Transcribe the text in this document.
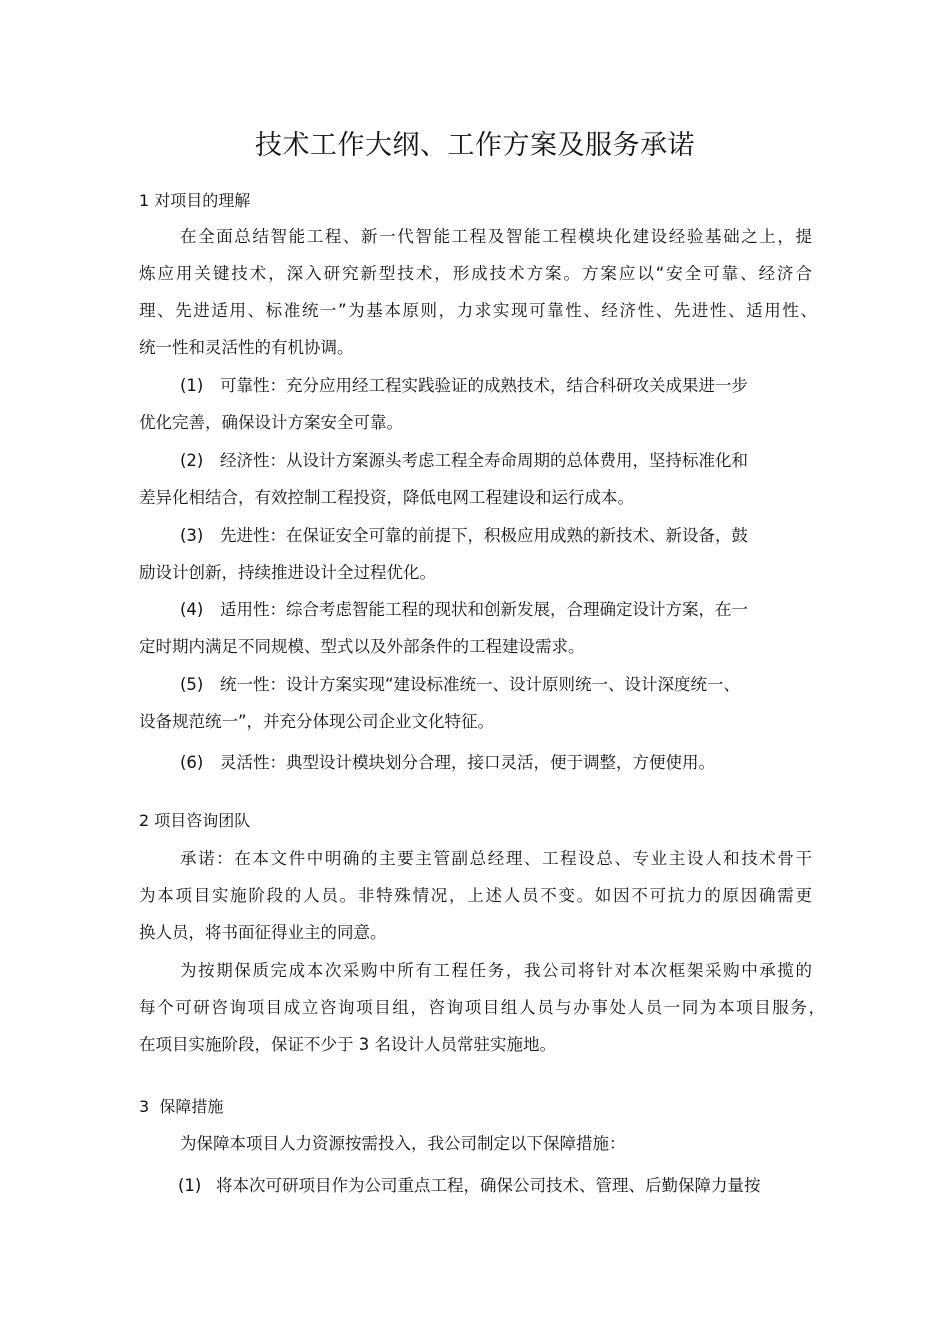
技术工作大纲、工作方案及服务承诺
1 对项目的理解
在全面总结智能工程、新一代智能工程及智能工程模块化建设经验基础之上，提
炼应用关键技术，深入研究新型技术，形成技术方案。方案应以“安全可靠、经济合
理、先进适用、标准统一”为基本原则，力求实现可靠性、经济性、先进性、适用性、
统一性和灵活性的有机协调。
(1) 可靠性：充分应用经工程实践验证的成熟技术，结合科研攻关成果进一步
优化完善，确保设计方案安全可靠。
(2) 经济性：从设计方案源头考虑工程全寿命周期的总体费用，坚持标准化和
差异化相结合，有效控制工程投资，降低电网工程建设和运行成本。
(3) 先进性：在保证安全可靠的前提下，积极应用成熟的新技术、新设备，鼓
励设计创新，持续推进设计全过程优化。
(4) 适用性：综合考虑智能工程的现状和创新发展，合理确定设计方案，在一
定时期内满足不同规模、型式以及外部条件的工程建设需求。
(5) 统一性：设计方案实现“建设标准统一、设计原则统一、设计深度统一、
设备规范统一”，并充分体现公司企业文化特征。
(6) 灵活性：典型设计模块划分合理，接口灵活，便于调整，方便使用。
2 项目咨询团队
承诺：在本文件中明确的主要主管副总经理、工程设总、专业主设人和技术骨干
为本项目实施阶段的人员。非特殊情况，上述人员不变。如因不可抗力的原因确需更
换人员，将书面征得业主的同意。
为按期保质完成本次采购中所有工程任务，我公司将针对本次框架采购中承揽的
每个可研咨询项目成立咨询项目组，咨询项目组人员与办事处人员一同为本项目服务，
在项目实施阶段，保证不少于 3 名设计人员常驻实施地。
3  保障措施
为保障本项目人力资源按需投入，我公司制定以下保障措施：
(1) 将本次可研项目作为公司重点工程，确保公司技术、管理、后勤保障力量按
